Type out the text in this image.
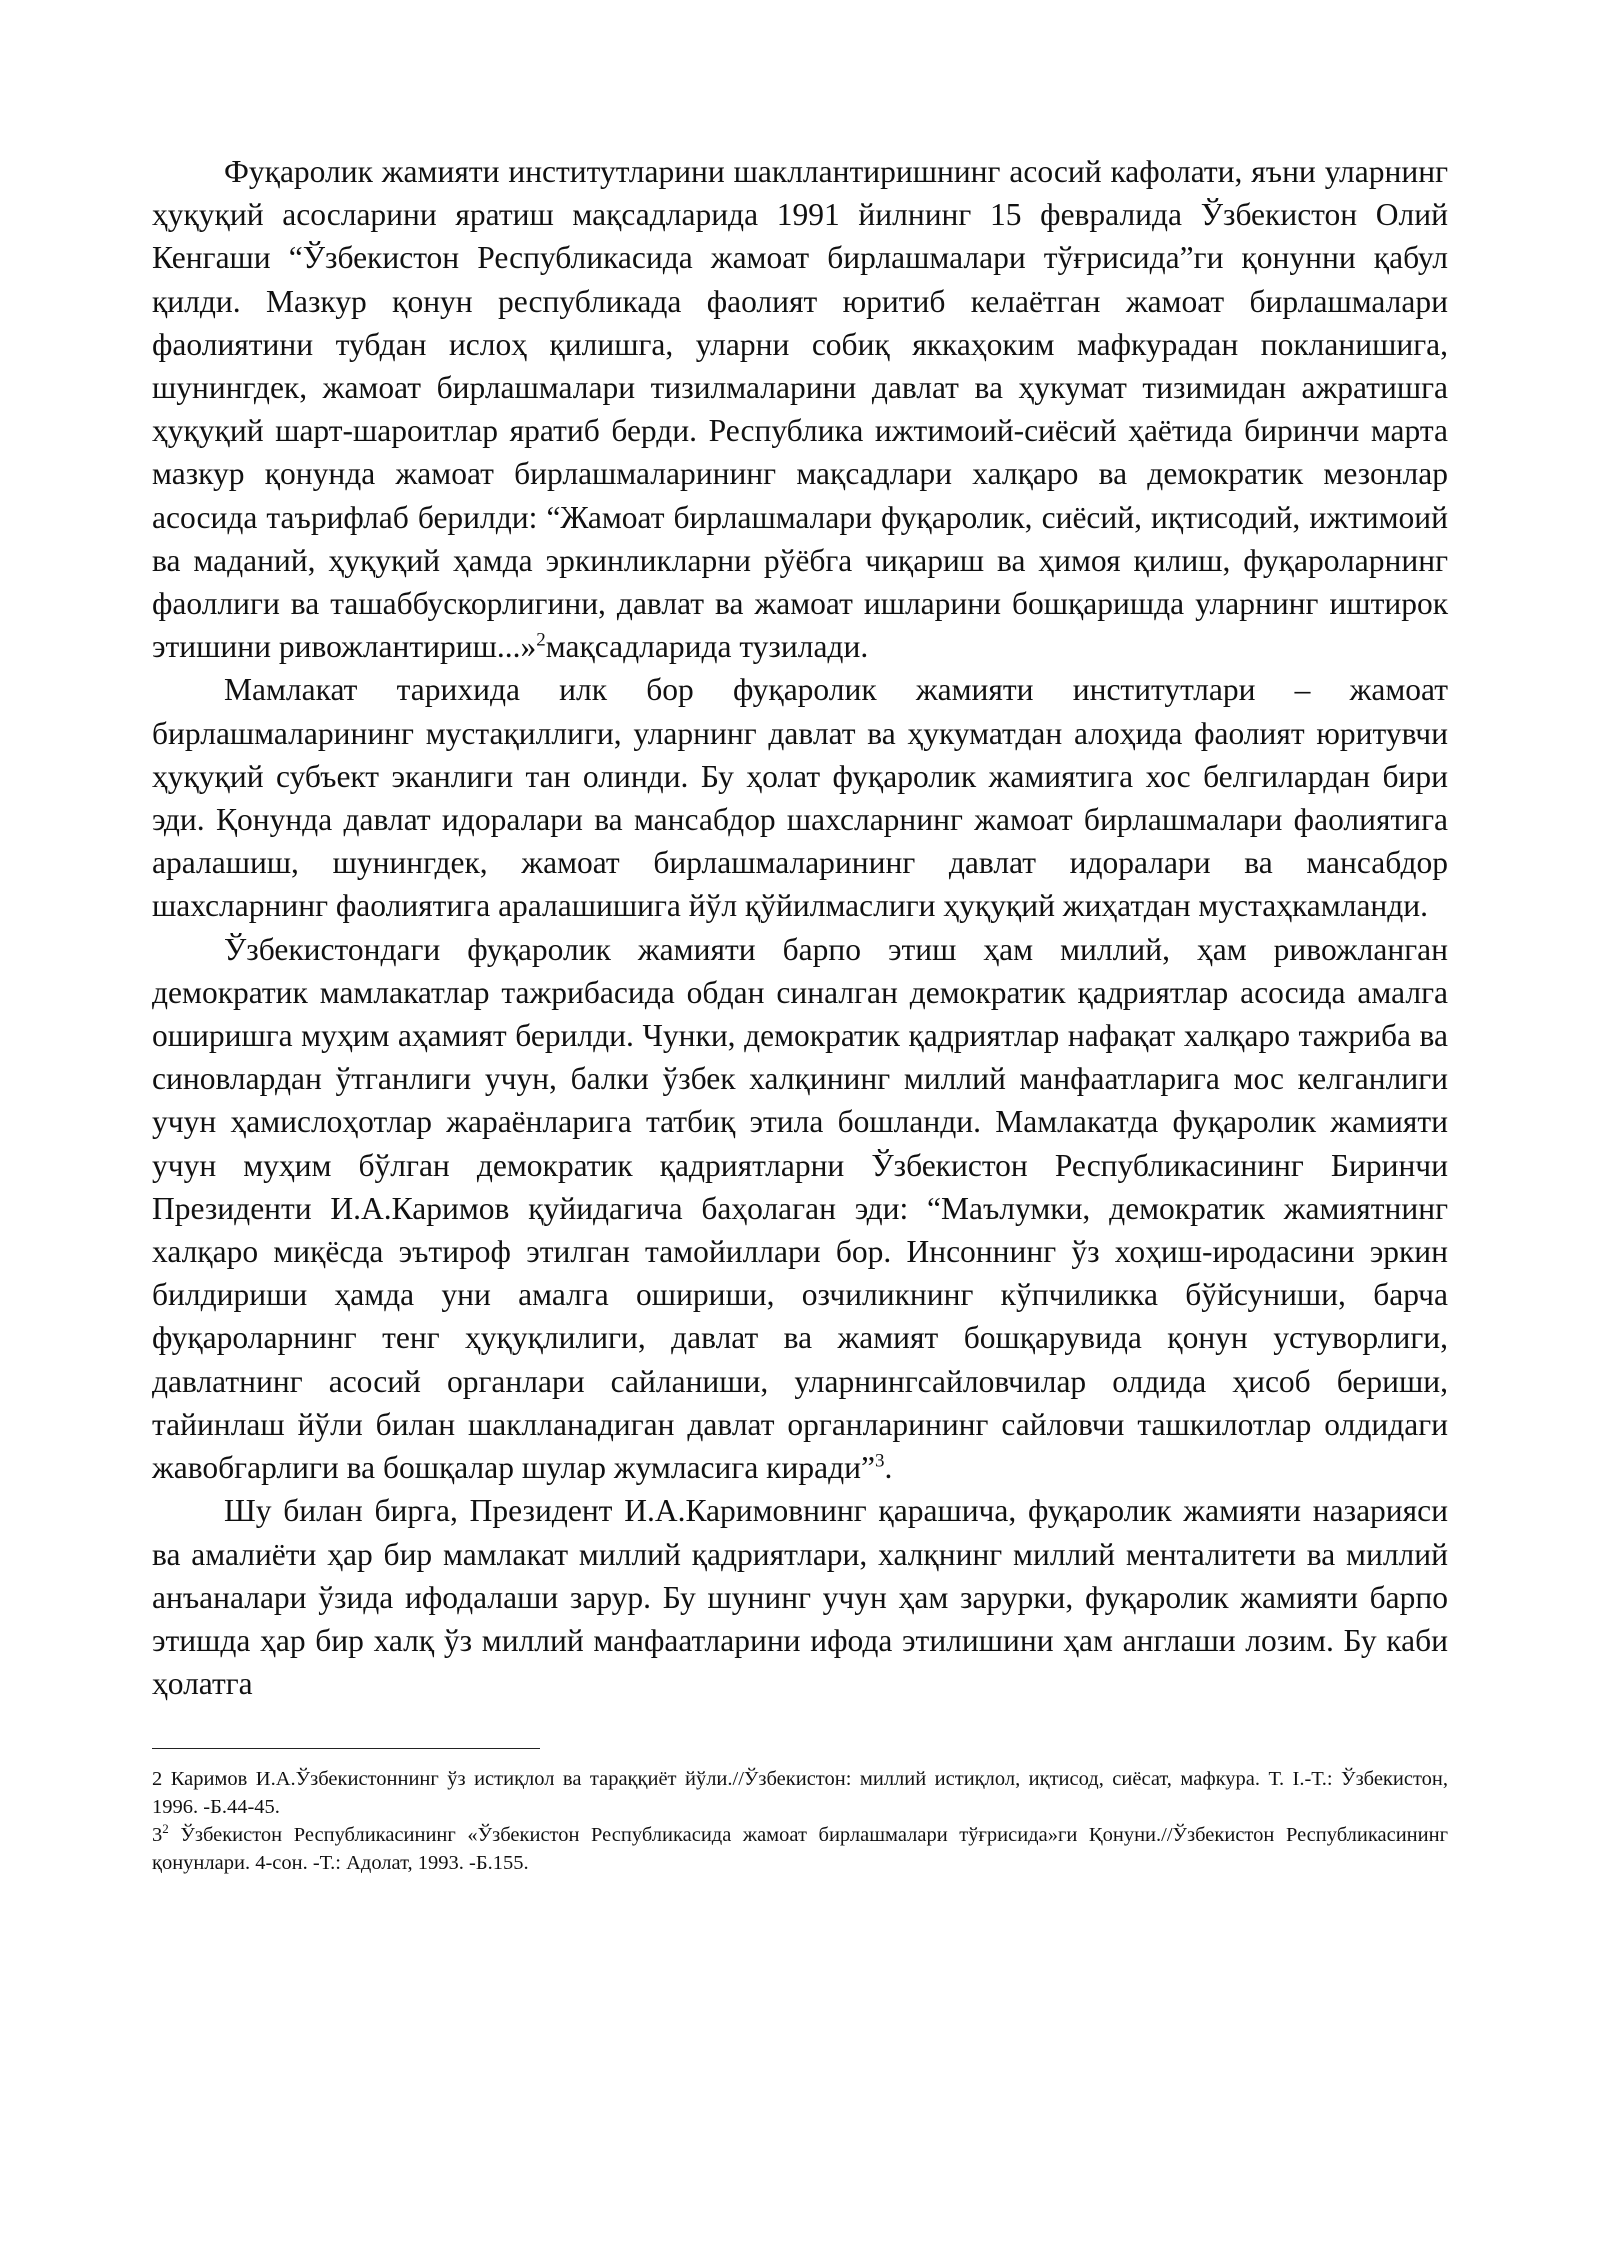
Фуқаролик жамияти институтларини шакллантиришнинг асосий кафолати, яъни уларнинг ҳуқуқий асосларини яратиш мақсадларида 1991 йилнинг 15 февралида Ўзбекистон Олий Кенгаши “Ўзбекистон Республикасида жамоат бирлашмалари тўғрисида”ги қонунни қабул қилди. Мазкур қонун республикада фаолият юритиб келаётган жамоат бирлашмалари фаолиятини тубдан ислоҳ қилишга, уларни собиқ яккаҳоким мафкурадан покланишига, шунингдек, жамоат бирлашмалари тизилмаларини давлат ва ҳукумат тизимидан ажратишга ҳуқуқий шарт-шароитлар яратиб берди. Республика ижтимоий-сиёсий ҳаётида биринчи марта мазкур қонунда жамоат бирлашмаларининг мақсадлари халқаро ва демократик мезонлар асосида таърифлаб берилди: “Жамоат бирлашмалари фуқаролик, сиёсий, иқтисодий, ижтимоий ва маданий, ҳуқуқий ҳамда эркинликларни рўёбга чиқариш ва ҳимоя қилиш, фуқароларнинг фаоллиги ва ташаббускорлигини, давлат ва жамоат ишларини бошқаришда уларнинг иштирок этишини ривожлантириш...»$^2$мақсадларида тузилади.

Мамлакат тарихида илк бор фуқаролик жамияти институтлари – жамоат бирлашмаларининг мустақиллиги, уларнинг давлат ва ҳукуматдан алоҳида фаолият юритувчи ҳуқуқий субъект эканлиги тан олинди. Бу ҳолат фуқаролик жамиятига хос белгилардан бири эди. Қонунда давлат идоралари ва мансабдор шахсларнинг жамоат бирлашмалари фаолиятига аралашиш, шунингдек, жамоат бирлашмаларининг давлат идоралари ва мансабдор шахсларнинг фаолиятига аралашишига йўл қўйилмаслиги ҳуқуқий жиҳатдан мустаҳкамланди.

Ўзбекистондаги фуқаролик жамияти барпо этиш ҳам миллий, ҳам ривожланган демократик мамлакатлар тажрибасида обдан синалган демократик қадриятлар асосида амалга оширишга муҳим аҳамият берилди. Чунки, демократик қадриятлар нафақат халқаро тажриба ва синовлардан ўтганлиги учун, балки ўзбек халқининг миллий манфаатларига мос келганлиги учун ҳамислоҳотлар жараёнларига татбиқ этила бошланди. Мамлакатда фуқаролик жамияти учун муҳим бўлган демократик қадриятларни Ўзбекистон Республикасининг Биринчи Президенти И.А.Каримов қуйидагича баҳолаган эди: “Маълумки, демократик жамиятнинг халқаро миқёсда эътироф этилган тамойиллари бор. Инсоннинг ўз хоҳиш-иродасини эркин билдириши ҳамда уни амалга ошириши, озчиликнинг кўпчиликка бўйсуниши, барча фуқароларнинг тенг ҳуқуқлилиги, давлат ва жамият бошқарувида қонун устуворлиги, давлатнинг асосий органлари сайланиши, уларнингсайловчилар олдида ҳисоб бериши, тайинлаш йўли билан шаклланадиган давлат органларининг сайловчи ташкилотлар олдидаги жавобгарлиги ва бошқалар шулар жумласига киради”$^3$.

Шу билан бирга, Президент И.А.Каримовнинг қарашича, фуқаролик жамияти назарияси ва амалиёти ҳар бир мамлакат миллий қадриятлари, халқнинг миллий менталитети ва миллий анъаналари ўзида ифодалаши зарур. Бу шунинг учун ҳам зарурки, фуқаролик жамияти барпо этишда ҳар бир халқ ўз миллий манфаатларини ифода этилишини ҳам англаши лозим. Бу каби ҳолатга

2 Каримов И.А.Ўзбекистоннинг ўз истиқлол ва тараққиёт йўли.//Ўзбекистон: миллий истиқлол, иқтисод, сиёсат, мафкура. Т. I.-Т.: Ўзбекистон, 1996. -Б.44-45.

$3^2$ Ўзбекистон Республикасининг «Ўзбекистон Республикасида жамоат бирлашмалари тўғрисида»ги Қонуни.//Ўзбекистон Республикасининг қонунлари. 4-сон. -Т.: Адолат, 1993. -Б.155.
